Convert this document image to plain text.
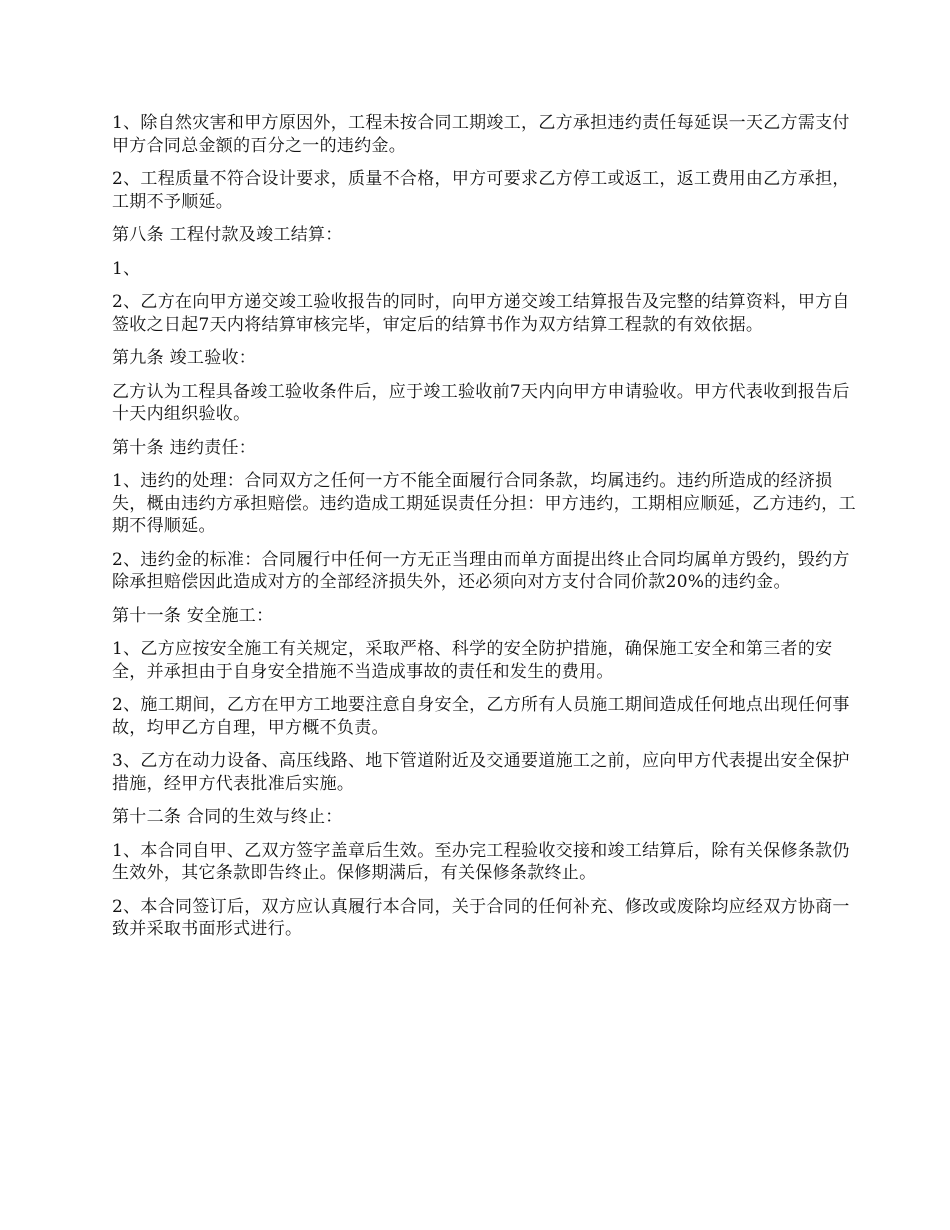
1、除自然灾害和甲方原因外，工程未按合同工期竣工，乙方承担违约责任每延误一天乙方需支付甲方合同总金额的百分之一的违约金。

2、工程质量不符合设计要求，质量不合格，甲方可要求乙方停工或返工，返工费用由乙方承担，工期不予顺延。

第八条 工程付款及竣工结算：

1、

2、乙方在向甲方递交竣工验收报告的同时，向甲方递交竣工结算报告及完整的结算资料，甲方自签收之日起7天内将结算审核完毕，审定后的结算书作为双方结算工程款的有效依据。

第九条 竣工验收：

乙方认为工程具备竣工验收条件后，应于竣工验收前7天内向甲方申请验收。甲方代表收到报告后十天内组织验收。

第十条 违约责任：

1、违约的处理：合同双方之任何一方不能全面履行合同条款，均属违约。违约所造成的经济损失，概由违约方承担赔偿。违约造成工期延误责任分担：甲方违约，工期相应顺延，乙方违约，工期不得顺延。

2、违约金的标准：合同履行中任何一方无正当理由而单方面提出终止合同均属单方毁约，毁约方除承担赔偿因此造成对方的全部经济损失外，还必须向对方支付合同价款20%的违约金。

第十一条 安全施工：

1、乙方应按安全施工有关规定，采取严格、科学的安全防护措施，确保施工安全和第三者的安全，并承担由于自身安全措施不当造成事故的责任和发生的费用。

2、施工期间，乙方在甲方工地要注意自身安全，乙方所有人员施工期间造成任何地点出现任何事故，均甲乙方自理，甲方概不负责。

3、乙方在动力设备、高压线路、地下管道附近及交通要道施工之前，应向甲方代表提出安全保护措施，经甲方代表批准后实施。

第十二条 合同的生效与终止：

1、本合同自甲、乙双方签字盖章后生效。至办完工程验收交接和竣工结算后，除有关保修条款仍生效外，其它条款即告终止。保修期满后，有关保修条款终止。

2、本合同签订后，双方应认真履行本合同，关于合同的任何补充、修改或废除均应经双方协商一致并采取书面形式进行。
